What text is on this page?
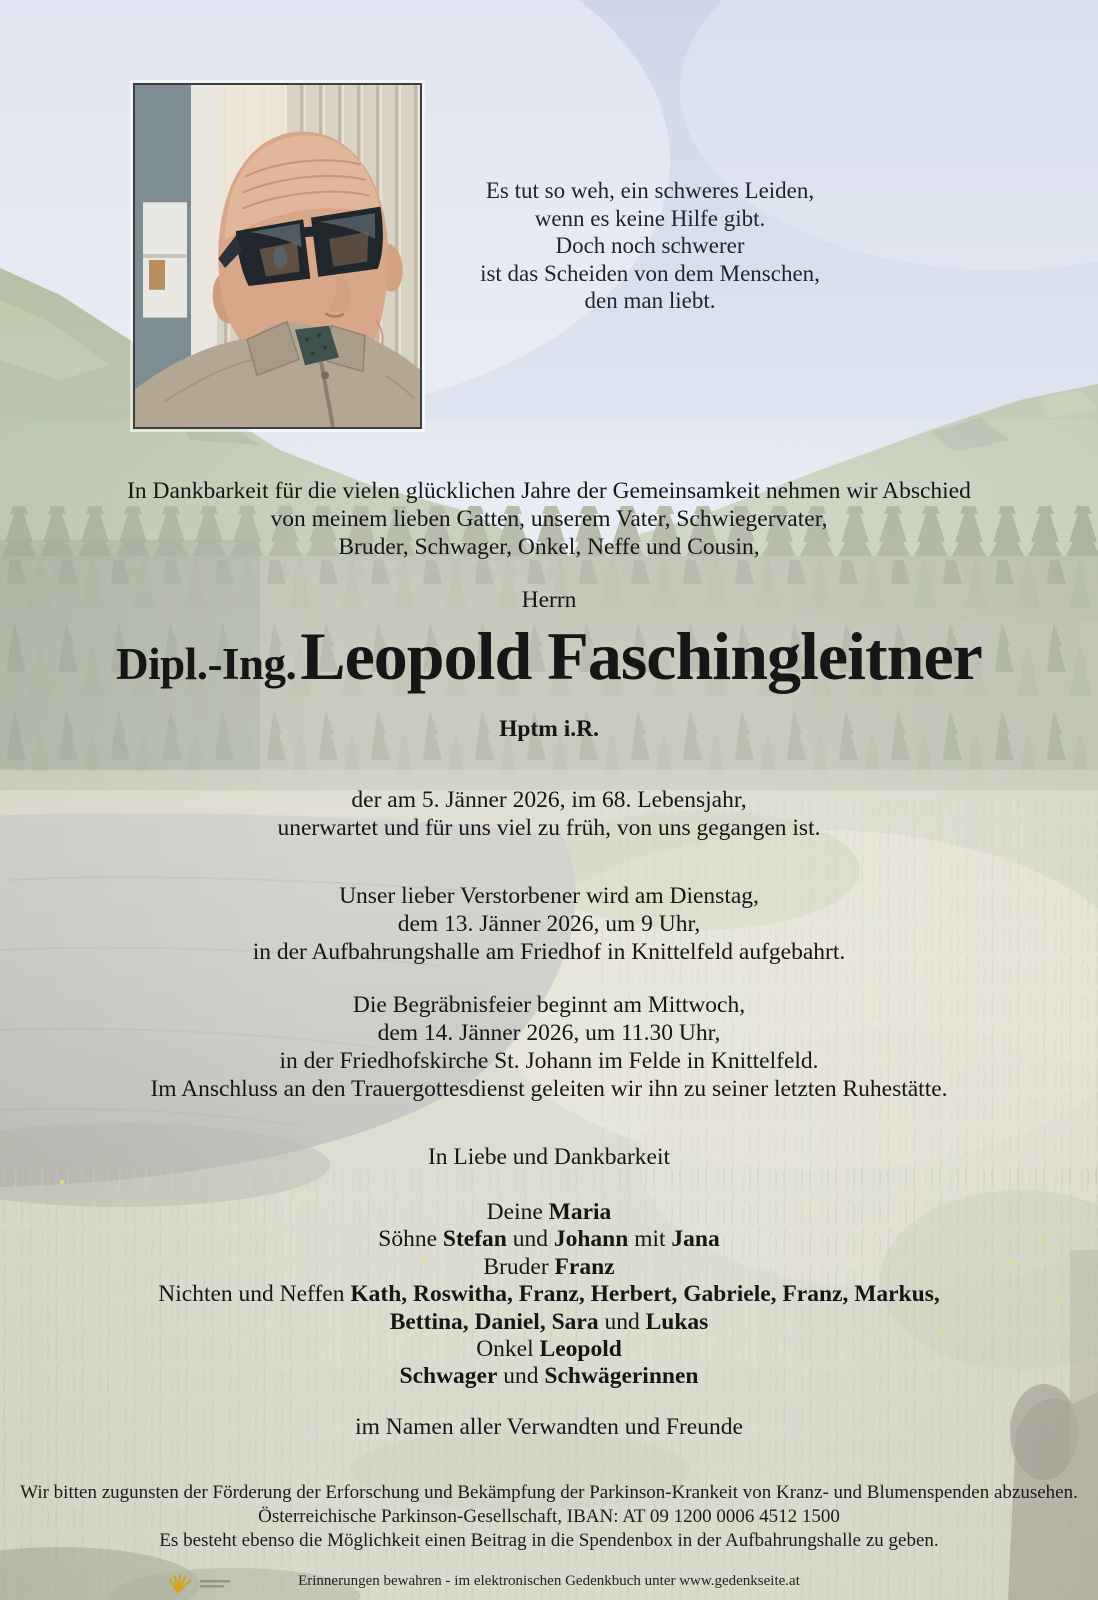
Es tut so weh, ein schweres Leiden,
wenn es keine Hilfe gibt.
Doch noch schwerer
ist das Scheiden von dem Menschen,
den man liebt.
In Dankbarkeit für die vielen glücklichen Jahre der Gemeinsamkeit nehmen wir Abschied
von meinem lieben Gatten, unserem Vater, Schwiegervater,
Bruder, Schwager, Onkel, Neffe und Cousin,
Herrn
Dipl.-Ing. Leopold Faschingleitner
Hptm i.R.
der am 5. Jänner 2026, im 68. Lebensjahr,
unerwartet und für uns viel zu früh, von uns gegangen ist.
Unser lieber Verstorbener wird am Dienstag,
dem 13. Jänner 2026, um 9 Uhr,
in der Aufbahrungshalle am Friedhof in Knittelfeld aufgebahrt.
Die Begräbnisfeier beginnt am Mittwoch,
dem 14. Jänner 2026, um 11.30 Uhr,
in der Friedhofskirche St. Johann im Felde in Knittelfeld.
Im Anschluss an den Trauergottesdienst geleiten wir ihn zu seiner letzten Ruhestätte.
In Liebe und Dankbarkeit
Deine Maria
Söhne Stefan und Johann mit Jana
Bruder Franz
Nichten und Neffen Kath, Roswitha, Franz, Herbert, Gabriele, Franz, Markus,
Bettina, Daniel, Sara und Lukas
Onkel Leopold
Schwager und Schwägerinnen
im Namen aller Verwandten und Freunde
Wir bitten zugunsten der Förderung der Erforschung und Bekämpfung der Parkinson-Krankeit von Kranz- und Blumenspenden abzusehen.
Österreichische Parkinson-Gesellschaft, IBAN: AT 09 1200 0006 4512 1500
Es besteht ebenso die Möglichkeit einen Beitrag in die Spendenbox in der Aufbahrungshalle zu geben.
Erinnerungen bewahren - im elektronischen Gedenkbuch unter www.gedenkseite.at
